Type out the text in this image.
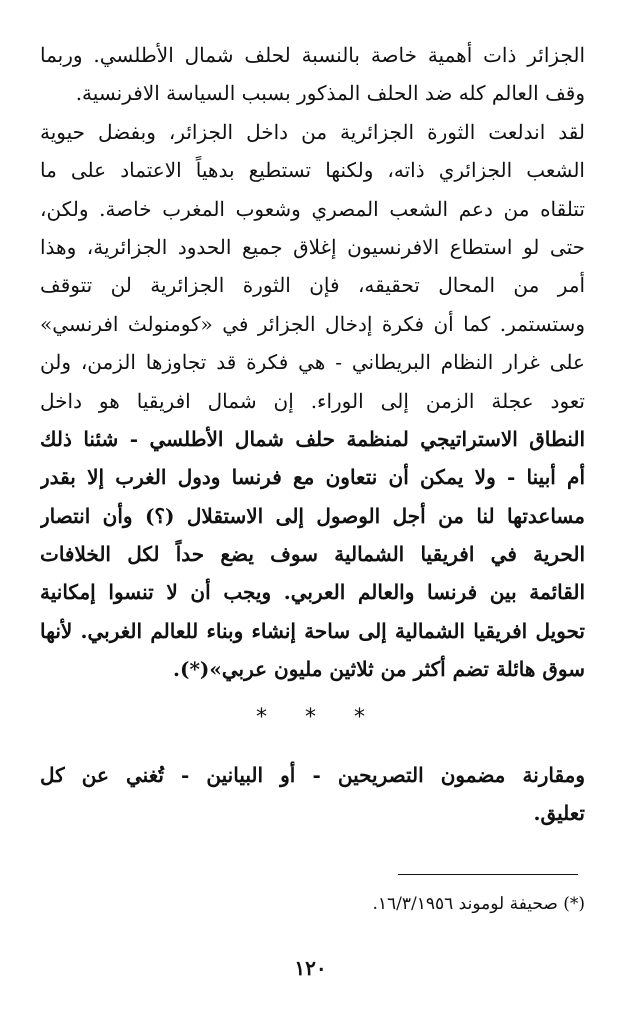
الجزائر ذات أهمية خاصة بالنسبة لحلف شمال الأطلسي. وربما
وقف العالم كله ضد الحلف المذكور بسبب السياسة الافرنسية.
لقد اندلعت الثورة الجزائرية من داخل الجزائر، وبفضل حيوية
الشعب الجزائري ذاته، ولكنها تستطيع بدهياً الاعتماد على ما
تتلقاه من دعم الشعب المصري وشعوب المغرب خاصة. ولكن،
حتى لو استطاع الافرنسيون إغلاق جميع الحدود الجزائرية، وهذا
أمر من المحال تحقيقه، فإن الثورة الجزائرية لن تتوقف
وستستمر. كما أن فكرة إدخال الجزائر في «كومنولث افرنسي»
على غرار النظام البريطاني - هي فكرة قد تجاوزها الزمن، ولن
تعود عجلة الزمن إلى الوراء. إن شمال افريقيا هو داخل
النطاق الاستراتيجي لمنظمة حلف شمال الأطلسي - شئنا ذلك
أم أبينا - ولا يمكن أن نتعاون مع فرنسا ودول الغرب إلا بقدر
مساعدتها لنا من أجل الوصول إلى الاستقلال (؟) وأن انتصار
الحرية في افريقيا الشمالية سوف يضع حداً لكل الخلافات
القائمة بين فرنسا والعالم العربي. ويجب أن لا تنسوا إمكانية
تحويل افريقيا الشمالية إلى ساحة إنشاء وبناء للعالم الغربي. لأنها
سوق هائلة تضم أكثر من ثلاثين مليون عربي»(*).
***
ومقارنة مضمون التصريحين - أو البيانين - تُغني عن كل
تعليق.
(*) صحيفة لوموند ١٦/٣/١٩٥٦.
١٢٠
